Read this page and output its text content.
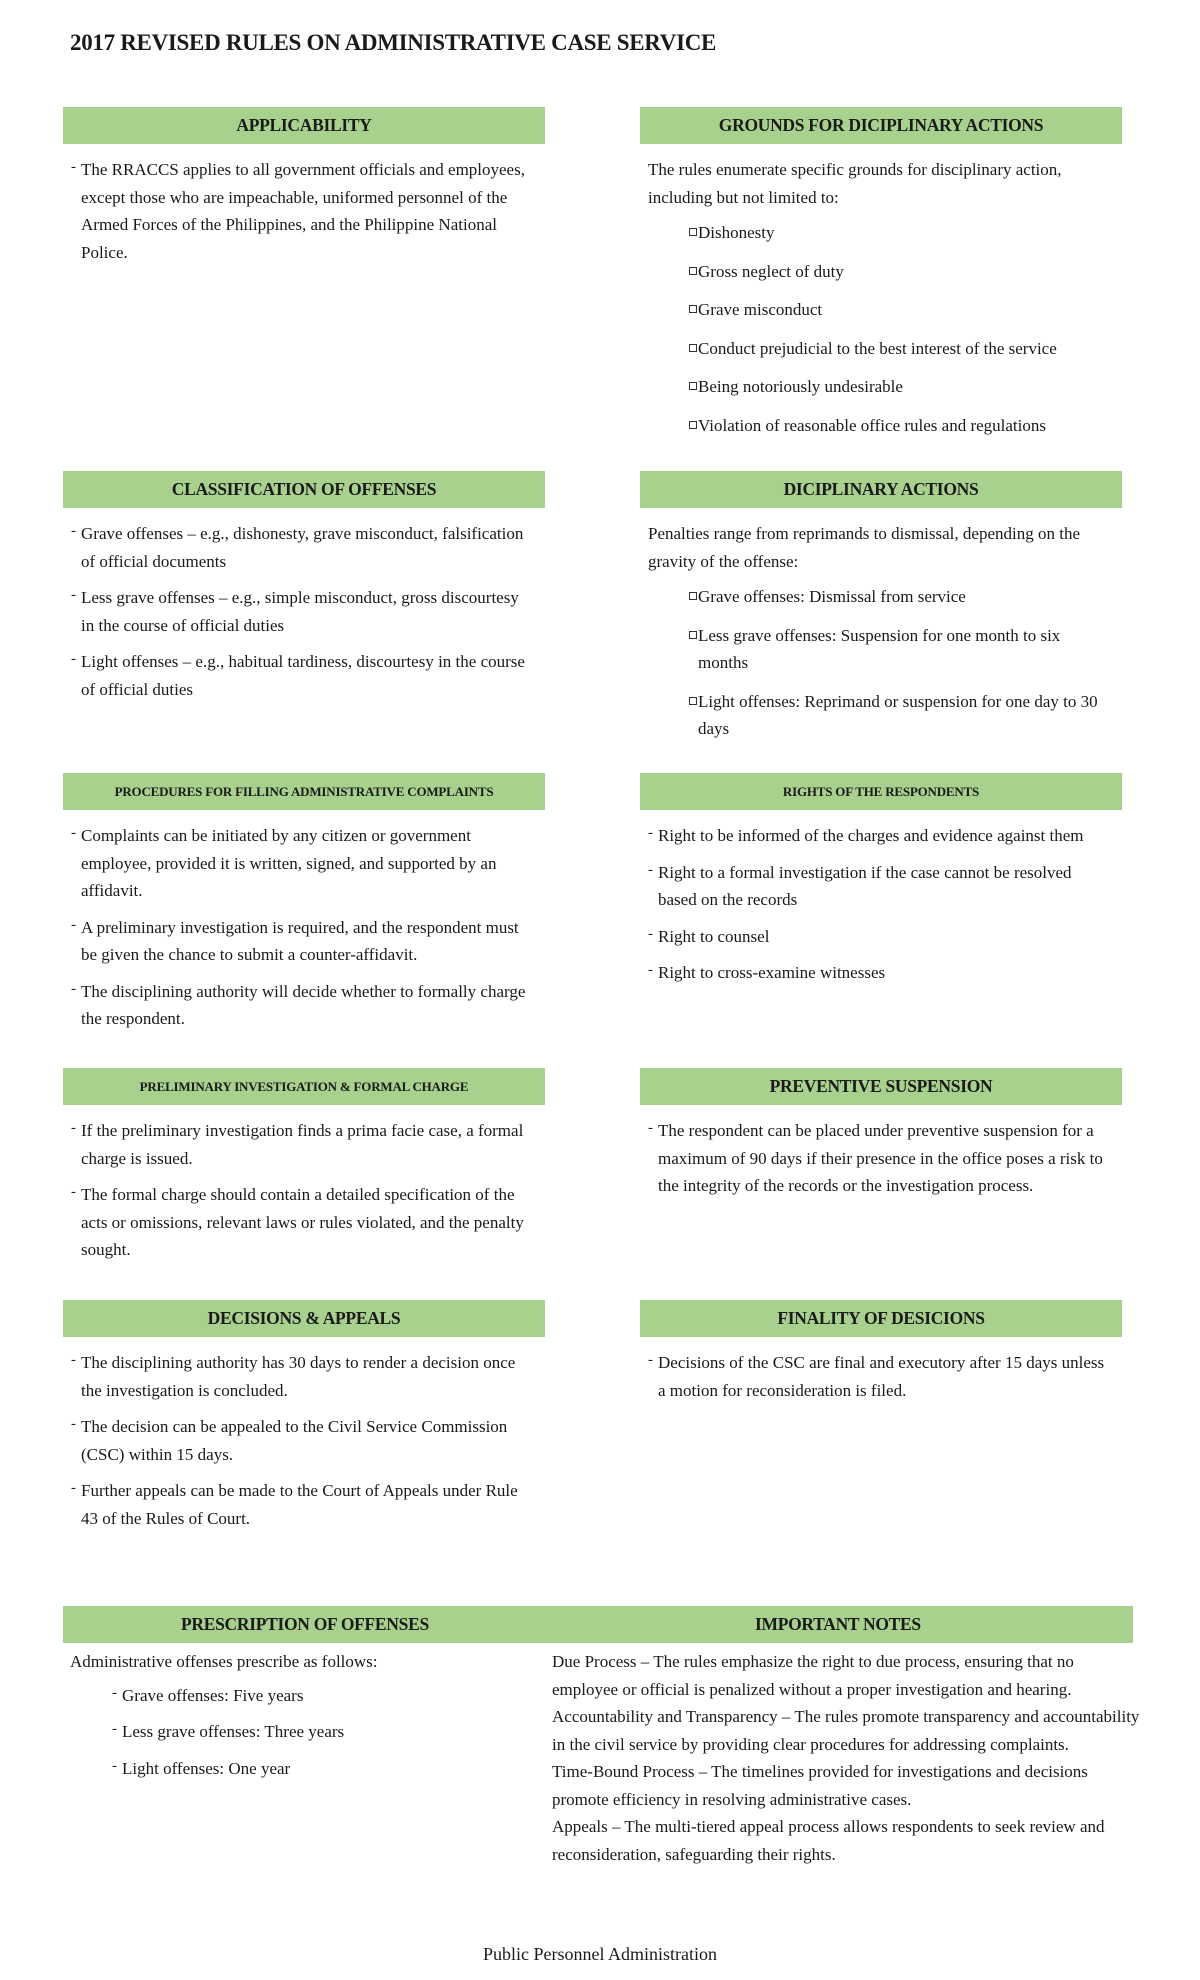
2017 REVISED RULES ON ADMINISTRATIVE CASE SERVICE
APPLICABILITY
- The RRACCS applies to all government officials and employees, except those who are impeachable, uniformed personnel of the Armed Forces of the Philippines, and the Philippine National Police.
GROUNDS FOR DICIPLINARY ACTIONS

The rules enumerate specific grounds for disciplinary action, including but not limited to:

Dishonesty
Gross neglect of duty
Grave misconduct
Conduct prejudicial to the best interest of the service
Being notoriously undesirable
Violation of reasonable office rules and regulations
CLASSIFICATION OF OFFENSES
- Grave offenses – e.g., dishonesty, grave misconduct, falsification of official documents
- Less grave offenses – e.g., simple misconduct, gross discourtesy in the course of official duties
- Light offenses – e.g., habitual tardiness, discourtesy in the course of official duties
DICIPLINARY ACTIONS

Penalties range from reprimands to dismissal, depending on the gravity of the offense:

Grave offenses: Dismissal from service
Less grave offenses: Suspension for one month to six months
Light offenses: Reprimand or suspension for one day to 30 days
PROCEDURES FOR FILLING ADMINISTRATIVE COMPLAINTS
- Complaints can be initiated by any citizen or government employee, provided it is written, signed, and supported by an affidavit.
- A preliminary investigation is required, and the respondent must be given the chance to submit a counter-affidavit.
- The disciplining authority will decide whether to formally charge the respondent.
RIGHTS OF THE RESPONDENTS
- Right to be informed of the charges and evidence against them
- Right to a formal investigation if the case cannot be resolved based on the records
- Right to counsel
- Right to cross-examine witnesses
PRELIMINARY INVESTIGATION & FORMAL CHARGE
- If the preliminary investigation finds a prima facie case, a formal charge is issued.
- The formal charge should contain a detailed specification of the acts or omissions, relevant laws or rules violated, and the penalty sought.
PREVENTIVE SUSPENSION
- The respondent can be placed under preventive suspension for a maximum of 90 days if their presence in the office poses a risk to the integrity of the records or the investigation process.
DECISIONS & APPEALS
- The disciplining authority has 30 days to render a decision once the investigation is concluded.
- The decision can be appealed to the Civil Service Commission (CSC) within 15 days.
- Further appeals can be made to the Court of Appeals under Rule 43 of the Rules of Court.
FINALITY OF DESICIONS
- Decisions of the CSC are final and executory after 15 days unless a motion for reconsideration is filed.
PRESCRIPTION OF OFFENSES	IMPORTANT NOTES

Administrative offenses prescribe as follows:

- Grave offenses: Five years
- Less grave offenses: Three years
- Light offenses: One year

Due Process – The rules emphasize the right to due process, ensuring that no employee or official is penalized without a proper investigation and hearing.

Accountability and Transparency – The rules promote transparency and accountability in the civil service by providing clear procedures for addressing complaints.

Time-Bound Process – The timelines provided for investigations and decisions promote efficiency in resolving administrative cases.

Appeals – The multi-tiered appeal process allows respondents to seek review and reconsideration, safeguarding their rights.

Public Personnel Administration
